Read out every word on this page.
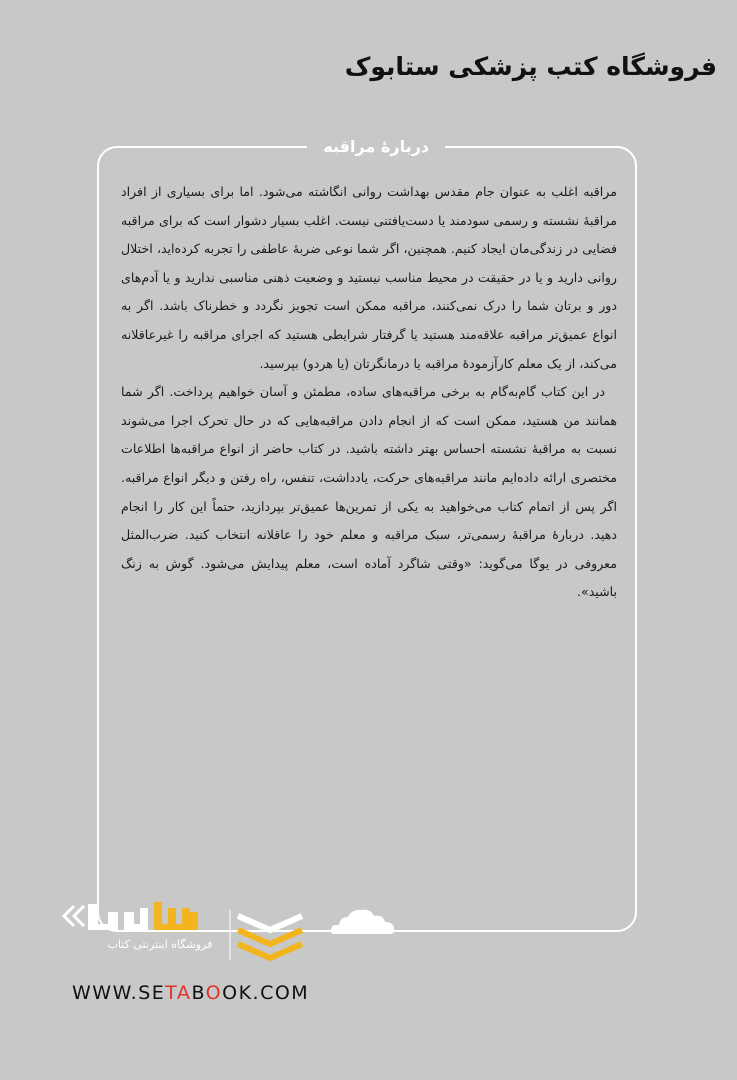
فروشگاه کتب پزشکی ستابوک
دربارهٔ مراقبه

مراقبه اغلب به عنوان جام مقدس بهداشت روانی انگاشته می‌شود. اما برای بسیاری از افراد مراقبهٔ نشسته و رسمی سودمند یا دست‌یافتنی نیست. اغلب بسیار دشوار است که برای مراقبه فضایی در زندگی‌مان ایجاد کنیم. همچنین، اگر شما نوعی ضربهٔ عاطفی را تجربه کرده‌اید، اختلال روانی دارید و یا در حقیقت در محیط مناسب نیستید و وضعیت ذهنی مناسبی ندارید و یا آدم‌های دور و برتان شما را درک نمی‌کنند، مراقبه ممکن است تجویز نگردد و خطرناک باشد. اگر به انواع عمیق‌تر مراقبه علاقه‌مند هستید یا گرفتار شرایطی هستید که اجرای مراقبه را غیرعاقلانه می‌کند، از یک معلم کارآزمودهٔ مراقبه یا درمانگرتان (یا هردو) بپرسید.

در این کتاب گام‌به‌گام به برخی مراقبه‌های ساده، مطمئن و آسان خواهیم پرداخت. اگر شما همانند من هستید، ممکن است که از انجام دادن مراقبه‌هایی که در حال تحرک اجرا می‌شوند نسبت به مراقبهٔ نشسته احساس بهتر داشته باشید. در کتاب حاضر از انواع مراقبه‌ها اطلاعات مختصری ارائه داده‌ایم مانند مراقبه‌های حرکت، یادداشت، تنفس، راه رفتن و دیگر انواع مراقبه. اگر پس از اتمام کتاب می‌خواهید به یکی از تمرین‌ها عمیق‌تر بپردازید، حتماً این کار را انجام دهید. دربارهٔ مراقبهٔ رسمی‌تر، سبک مراقبه و معلم خود را عاقلانه انتخاب کنید. ضرب‌المثل معروفی در یوگا می‌گوید: «وقتی شاگرد آماده است، معلم پیدایش می‌شود. گوش به زنگ باشید».

فروشگاه اینترنتی کتاب
WWW.SETABOOK.COM
